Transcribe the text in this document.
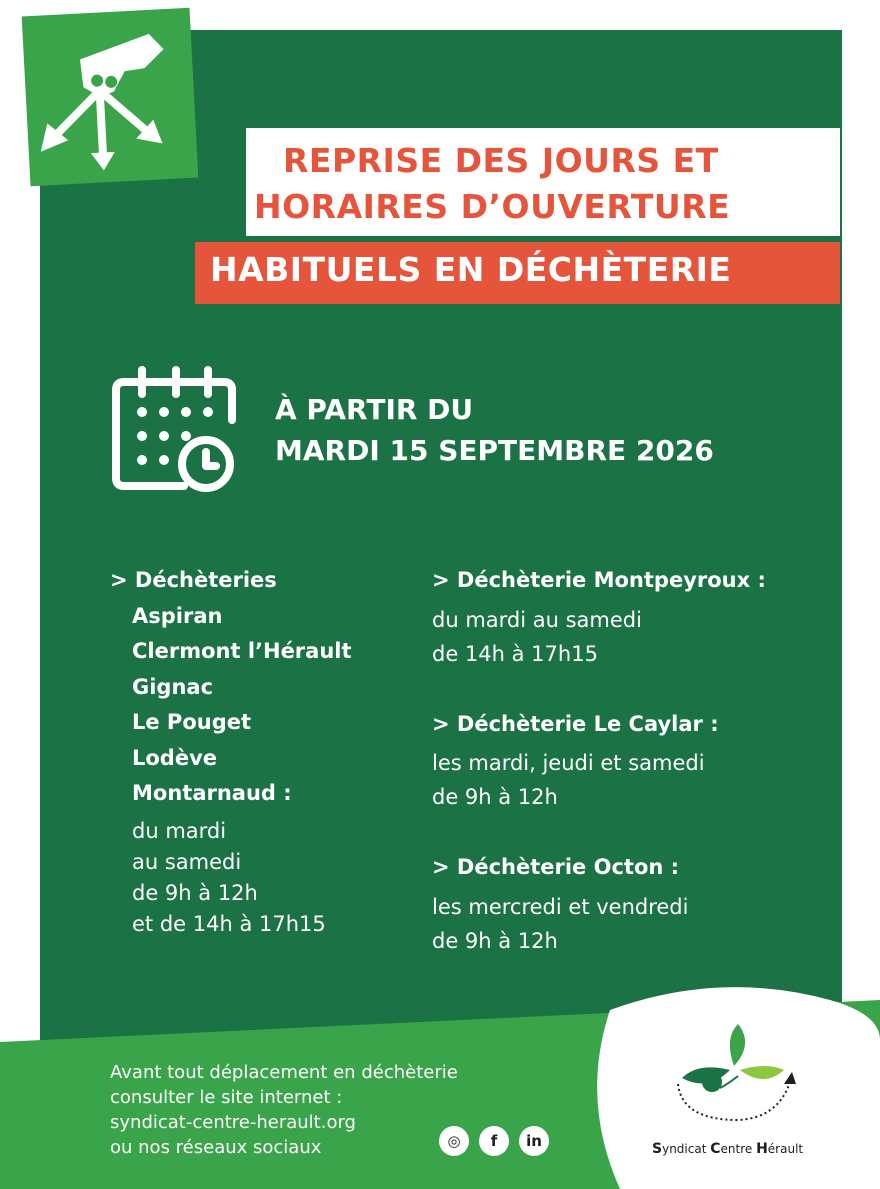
REPRISE DES JOURS ET
HORAIRES D’OUVERTURE
HABITUELS EN DÉCHÈTERIE
À PARTIR DU
MARDI 15 SEPTEMBRE 2026
> Déchèteries
Aspiran
Clermont l’Hérault
Gignac
Le Pouget
Lodève
Montarnaud :
du mardi
au samedi
de 9h à 12h
et de 14h à 17h15
> Déchèterie Montpeyroux :
du mardi au samedi
de 14h à 17h15
> Déchèterie Le Caylar :
les mardi, jeudi et samedi
de 9h à 12h
> Déchèterie Octon :
les mercredi et vendredi
de 9h à 12h
Avant tout déplacement en déchèterie
consulter le site internet :
syndicat-centre-herault.org
ou nos réseaux sociaux	◎	f	in	Syndicat Centre Hérault
